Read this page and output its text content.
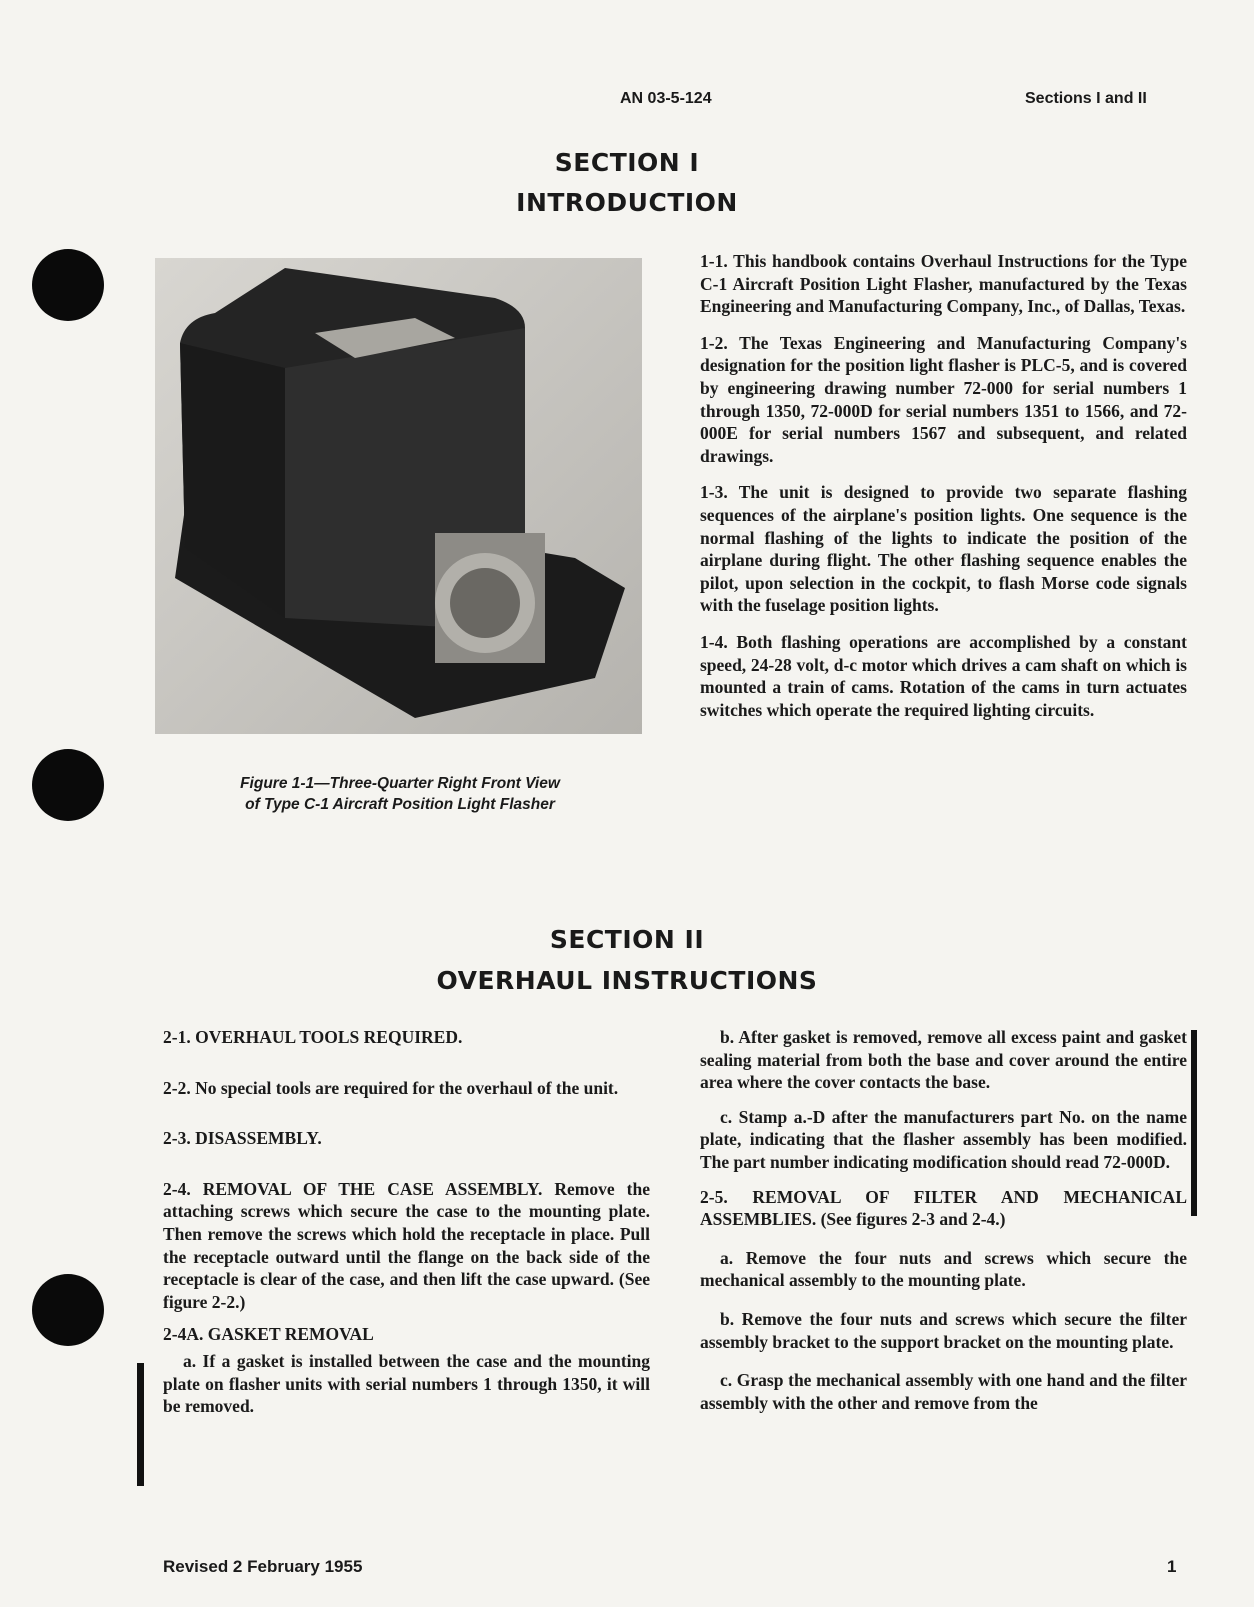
AN 03-5-124	Sections I and II
SECTION I
INTRODUCTION
Figure 1-1—Three-Quarter Right Front View
of Type C-1 Aircraft Position Light Flasher

1-1. This handbook contains Overhaul Instructions for the Type C-1 Aircraft Position Light Flasher, manufactured by the Texas Engineering and Manufacturing Company, Inc., of Dallas, Texas.

1-2. The Texas Engineering and Manufacturing Company's designation for the position light flasher is PLC-5, and is covered by engineering drawing number 72-000 for serial numbers 1 through 1350, 72-000D for serial numbers 1351 to 1566, and 72-000E for serial numbers 1567 and subsequent, and related drawings.

1-3. The unit is designed to provide two separate flashing sequences of the airplane's position lights. One sequence is the normal flashing of the lights to indicate the position of the airplane during flight. The other flashing sequence enables the pilot, upon selection in the cockpit, to flash Morse code signals with the fuselage position lights.

1-4. Both flashing operations are accomplished by a constant speed, 24-28 volt, d-c motor which drives a cam shaft on which is mounted a train of cams. Rotation of the cams in turn actuates switches which operate the required lighting circuits.

SECTION II
OVERHAUL INSTRUCTIONS

2-1. OVERHAUL TOOLS REQUIRED.

2-2. No special tools are required for the overhaul of the unit.

2-3. DISASSEMBLY.

2-4. REMOVAL OF THE CASE ASSEMBLY. Remove the attaching screws which secure the case to the mounting plate. Then remove the screws which hold the receptacle in place. Pull the receptacle outward until the flange on the back side of the receptacle is clear of the case, and then lift the case upward. (See figure 2-2.)

2-4A. GASKET REMOVAL

a. If a gasket is installed between the case and the mounting plate on flasher units with serial numbers 1 through 1350, it will be removed.

b. After gasket is removed, remove all excess paint and gasket sealing material from both the base and cover around the entire area where the cover contacts the base.

c. Stamp a.-D after the manufacturers part No. on the name plate, indicating that the flasher assembly has been modified. The part number indicating modification should read 72-000D.

2-5. REMOVAL OF FILTER AND MECHANICAL ASSEMBLIES. (See figures 2-3 and 2-4.)

a. Remove the four nuts and screws which secure the mechanical assembly to the mounting plate.

b. Remove the four nuts and screws which secure the filter assembly bracket to the support bracket on the mounting plate.

c. Grasp the mechanical assembly with one hand and the filter assembly with the other and remove from the

Revised 2 February 1955	1
